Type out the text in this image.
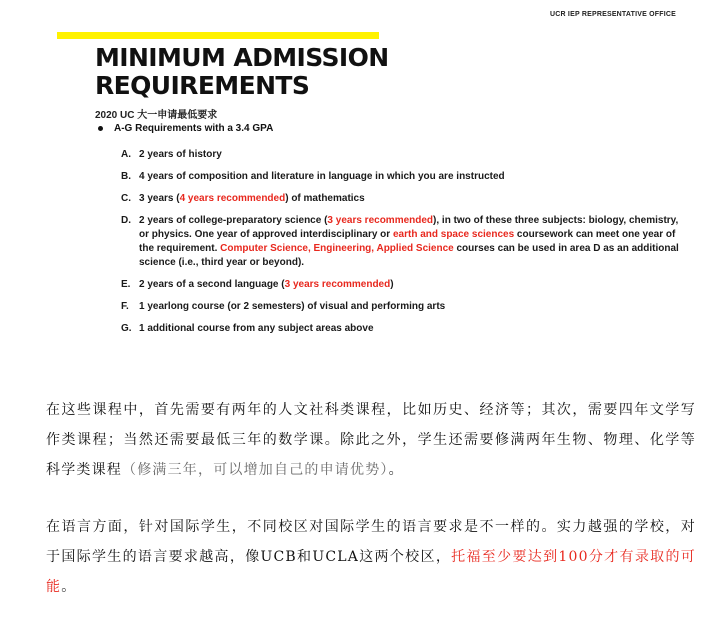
UCR IEP REPRESENTATIVE OFFICE
MINIMUM ADMISSION
REQUIREMENTS
2020 UC 大一申请最低要求
A-G Requirements with a 3.4 GPA
A. 2 years of history
B. 4 years of composition and literature in language in which you are instructed
C. 3 years (4 years recommended) of mathematics
D. 2 years of college-preparatory science (3 years recommended), in two of these three subjects: biology, chemistry, or physics. One year of approved interdisciplinary or earth and space sciences coursework can meet one year of the requirement. Computer Science, Engineering, Applied Science courses can be used in area D as an additional science (i.e., third year or beyond).
E. 2 years of a second language (3 years recommended)
F.	1 yearlong course (or 2 semesters) of visual and performing arts
G. 1 additional course from any subject areas above

在这些课程中，首先需要有两年的人文社科类课程，比如历史、经济等；其次，需要四年文学写作类课程；当然还需要最低三年的数学课。除此之外，学生还需要修满两年生物、物理、化学等科学类课程（修满三年，可以增加自己的申请优势）。

在语言方面，针对国际学生，不同校区对国际学生的语言要求是不一样的。实力越强的学校，对于国际学生的语言要求越高，像UCB和UCLA这两个校区，托福至少要达到100分才有录取的可能。
